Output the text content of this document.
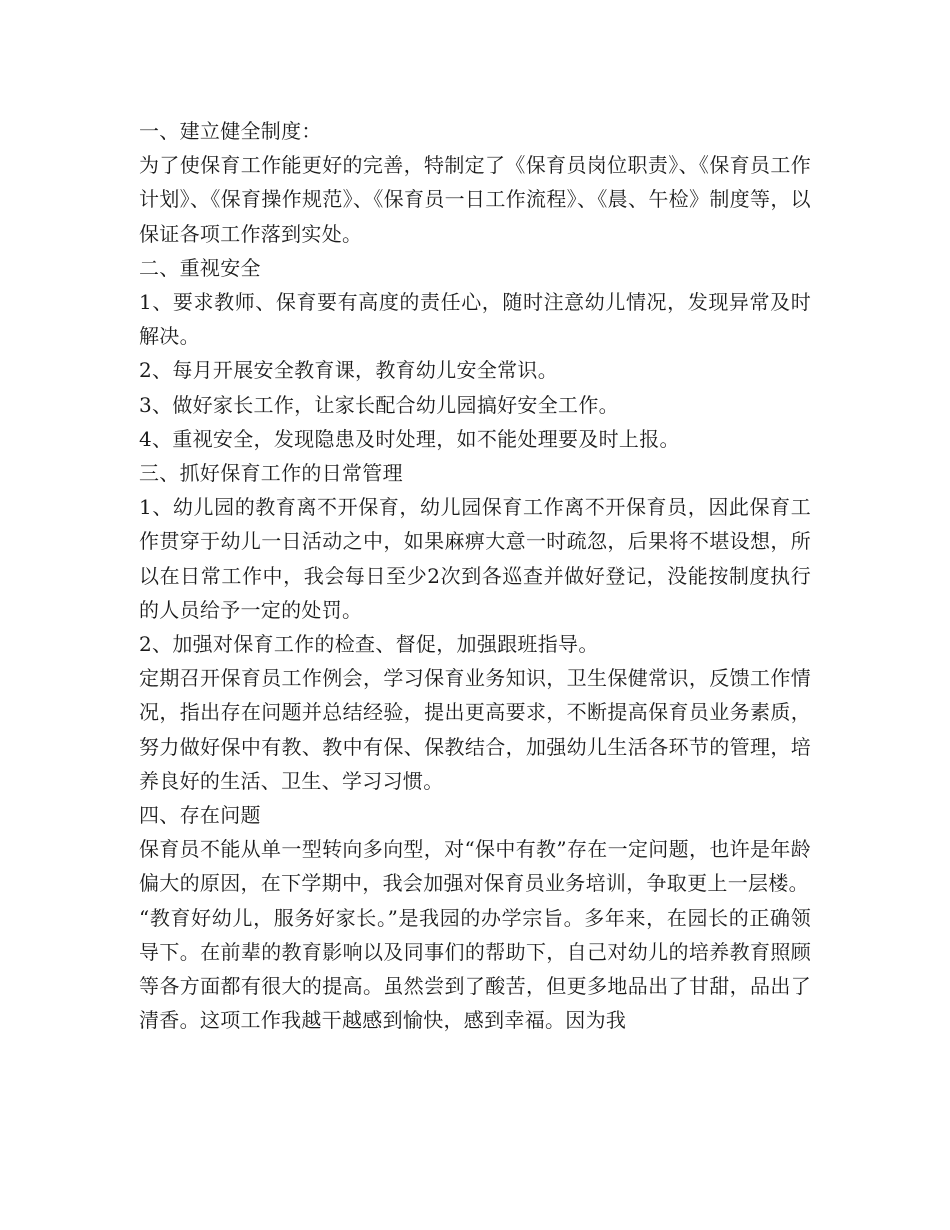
一、建立健全制度：

为了使保育工作能更好的完善，特制定了《保育员岗位职责》、《保育员工作计划》、《保育操作规范》、《保育员一日工作流程》、《晨、午检》制度等，以保证各项工作落到实处。

二、重视安全

1、要求教师、保育要有高度的责任心，随时注意幼儿情况，发现异常及时解决。

2、每月开展安全教育课，教育幼儿安全常识。

3、做好家长工作，让家长配合幼儿园搞好安全工作。

4、重视安全，发现隐患及时处理，如不能处理要及时上报。

三、抓好保育工作的日常管理

1、幼儿园的教育离不开保育，幼儿园保育工作离不开保育员，因此保育工作贯穿于幼儿一日活动之中，如果麻痹大意一时疏忽，后果将不堪设想，所以在日常工作中，我会每日至少2次到各巡查并做好登记，没能按制度执行的人员给予一定的处罚。

2、加强对保育工作的检查、督促，加强跟班指导。

定期召开保育员工作例会，学习保育业务知识，卫生保健常识，反馈工作情况，指出存在问题并总结经验，提出更高要求，不断提高保育员业务素质，努力做好保中有教、教中有保、保教结合，加强幼儿生活各环节的管理，培养良好的生活、卫生、学习习惯。

四、存在问题

保育员不能从单一型转向多向型，对“保中有教”存在一定问题，也许是年龄偏大的原因，在下学期中，我会加强对保育员业务培训，争取更上一层楼。

“教育好幼儿，服务好家长。”是我园的办学宗旨。多年来，在园长的正确领导下。在前辈的教育影响以及同事们的帮助下，自己对幼儿的培养教育照顾等各方面都有很大的提高。虽然尝到了酸苦，但更多地品出了甘甜，品出了清香。这项工作我越干越感到愉快，感到幸福。因为我
